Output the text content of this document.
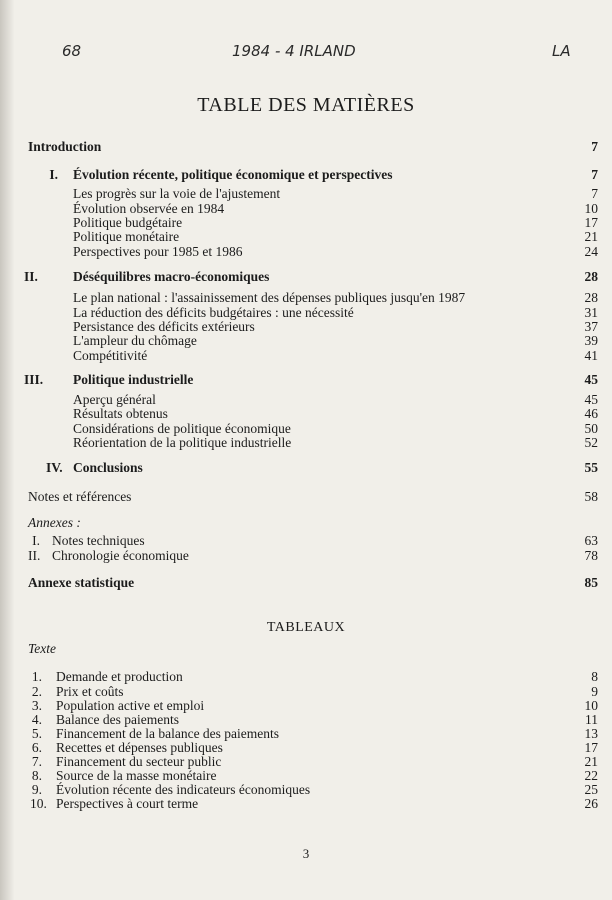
68	1984 - 4 IRLAND	LA
TABLE DES MATIÈRES
Introduction	7
I. Évolution récente, politique économique et perspectives	7
Les progrès sur la voie de l'ajustement	7
Évolution observée en 1984	10
Politique budgétaire	17
Politique monétaire	21
Perspectives pour 1985 et 1986	24
II.	Déséquilibres macro-économiques	28
Le plan national : l'assainissement des dépenses publiques jusqu'en 1987	28
La réduction des déficits budgétaires : une nécessité	31
Persistance des déficits extérieurs	37
L'ampleur du chômage	39
Compétitivité	41
III. Politique industrielle	45
Aperçu général	45
Résultats obtenus	46
Considérations de politique économique	50
Réorientation de la politique industrielle	52
IV. Conclusions	55
Notes et références	58
Annexes :
I. Notes techniques	63
II. Chronologie économique	78
Annexe statistique	85
TABLEAUX
Texte
1. Demande et production	8
2. Prix et coûts	9
3. Population active et emploi	10
4. Balance des paiements	11
5. Financement de la balance des paiements	13
6. Recettes et dépenses publiques	17
7. Financement du secteur public	21
8. Source de la masse monétaire	22
9. Évolution récente des indicateurs économiques	25
10. Perspectives à court terme	26
3
